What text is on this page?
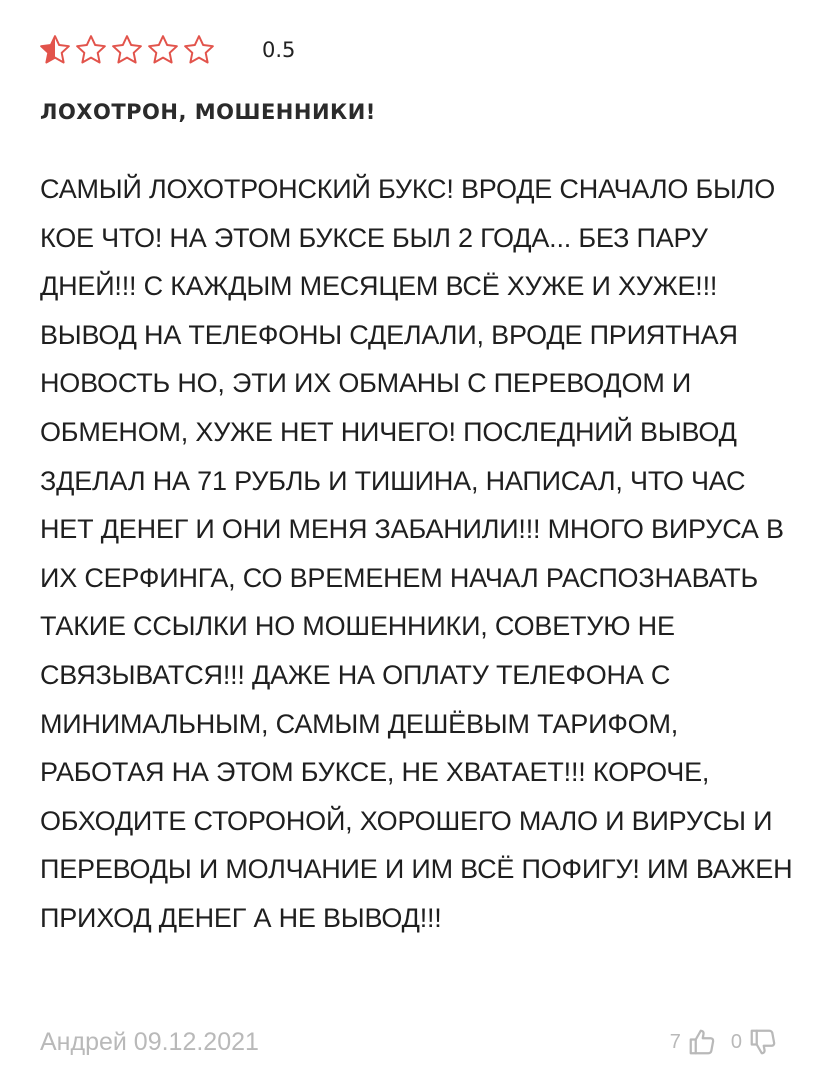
0.5
ЛОХОТРОН, МОШЕННИКИ!
САМЫЙ ЛОХОТРОНСКИЙ БУКС! ВРОДЕ СНАЧАЛО БЫЛО КОЕ ЧТО! НА ЭТОМ БУКСЕ БЫЛ 2 ГОДА... БЕЗ ПАРУ ДНЕЙ!!! С КАЖДЫМ МЕСЯЦЕМ ВСЁ ХУЖЕ И ХУЖЕ!!! ВЫВОД НА ТЕЛЕФОНЫ СДЕЛАЛИ, ВРОДЕ ПРИЯТНАЯ НОВОСТЬ НО, ЭТИ ИХ ОБМАНЫ С ПЕРЕВОДОМ И ОБМЕНОМ, ХУЖЕ НЕТ НИЧЕГО! ПОСЛЕДНИЙ ВЫВОД ЗДЕЛАЛ НА 71 РУБЛЬ И ТИШИНА, НАПИСАЛ, ЧТО ЧАС НЕТ ДЕНЕГ И ОНИ МЕНЯ ЗАБАНИЛИ!!! МНОГО ВИРУСА В ИХ СЕРФИНГА, СО ВРЕМЕНЕМ НАЧАЛ РАСПОЗНАВАТЬ ТАКИЕ ССЫЛКИ НО МОШЕННИКИ, СОВЕТУЮ НЕ СВЯЗЫВАТСЯ!!! ДАЖЕ НА ОПЛАТУ ТЕЛЕФОНА С МИНИМАЛЬНЫМ, САМЫМ ДЕШЁВЫМ ТАРИФОМ, РАБОТАЯ НА ЭТОМ БУКСЕ, НЕ ХВАТАЕТ!!! КОРОЧЕ, ОБХОДИТЕ СТОРОНОЙ, ХОРОШЕГО МАЛО И ВИРУСЫ И ПЕРЕВОДЫ И МОЛЧАНИЕ И ИМ ВСЁ ПОФИГУ! ИМ ВАЖЕН ПРИХОД ДЕНЕГ А НЕ ВЫВОД!!!
Андрей 09.12.2021	7	0
